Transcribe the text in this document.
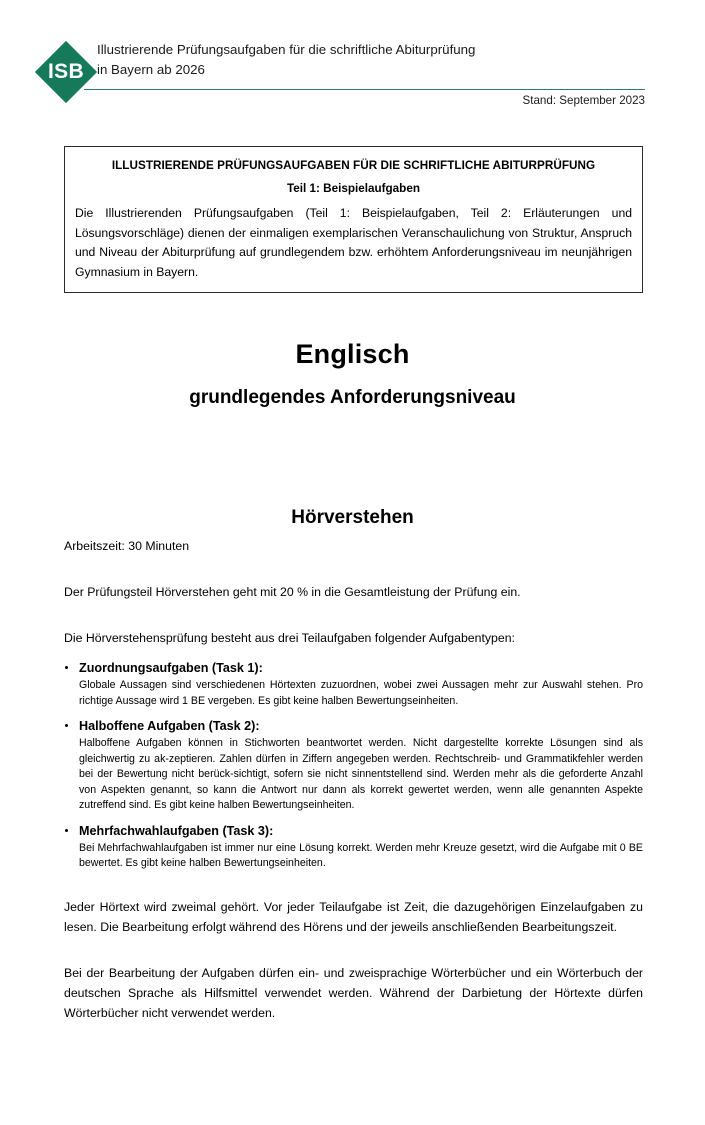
ISB
Illustrierende Prüfungsaufgaben für die schriftliche Abiturprüfung
in Bayern ab 2026
Stand: September 2023
ILLUSTRIERENDE PRÜFUNGSAUFGABEN FÜR DIE SCHRIFTLICHE ABITURPRÜFUNG
Teil 1: Beispielaufgaben

Die Illustrierenden Prüfungsaufgaben (Teil 1: Beispielaufgaben, Teil 2: Erläuterungen und Lösungsvorschläge) dienen der einmaligen exemplarischen Veranschaulichung von Struktur, Anspruch und Niveau der Abiturprüfung auf grundlegendem bzw. erhöhtem Anforderungsniveau im neunjährigen Gymnasium in Bayern.

Englisch
grundlegendes Anforderungsniveau
Hörverstehen

Arbeitszeit: 30 Minuten

Der Prüfungsteil Hörverstehen geht mit 20 % in die Gesamtleistung der Prüfung ein.

Die Hörverstehensprüfung besteht aus drei Teilaufgaben folgender Aufgabentypen:

Zuordnungsaufgaben (Task 1):
Globale Aussagen sind verschiedenen Hörtexten zuzuordnen, wobei zwei Aussagen mehr zur Auswahl stehen. Pro richtige Aussage wird 1 BE vergeben. Es gibt keine halben Bewertungseinheiten.
Halboffene Aufgaben (Task 2):
Halboffene Aufgaben können in Stichworten beantwortet werden. Nicht dargestellte korrekte Lösungen sind als gleichwertig zu ak-zeptieren. Zahlen dürfen in Ziffern angegeben werden. Rechtschreib- und Grammatikfehler werden bei der Bewertung nicht berück-sichtigt, sofern sie nicht sinnentstellend sind. Werden mehr als die geforderte Anzahl von Aspekten genannt, so kann die Antwort nur dann als korrekt gewertet werden, wenn alle genannten Aspekte zutreffend sind. Es gibt keine halben Bewertungseinheiten.
Mehrfachwahlaufgaben (Task 3):
Bei Mehrfachwahlaufgaben ist immer nur eine Lösung korrekt. Werden mehr Kreuze gesetzt, wird die Aufgabe mit 0 BE bewertet. Es gibt keine halben Bewertungseinheiten.

Jeder Hörtext wird zweimal gehört. Vor jeder Teilaufgabe ist Zeit, die dazugehörigen Einzelaufgaben zu lesen. Die Bearbeitung erfolgt während des Hörens und der jeweils anschließenden Bearbeitungszeit.

Bei der Bearbeitung der Aufgaben dürfen ein- und zweisprachige Wörterbücher und ein Wörterbuch der deutschen Sprache als Hilfsmittel verwendet werden. Während der Darbietung der Hörtexte dürfen Wörterbücher nicht verwendet werden.
